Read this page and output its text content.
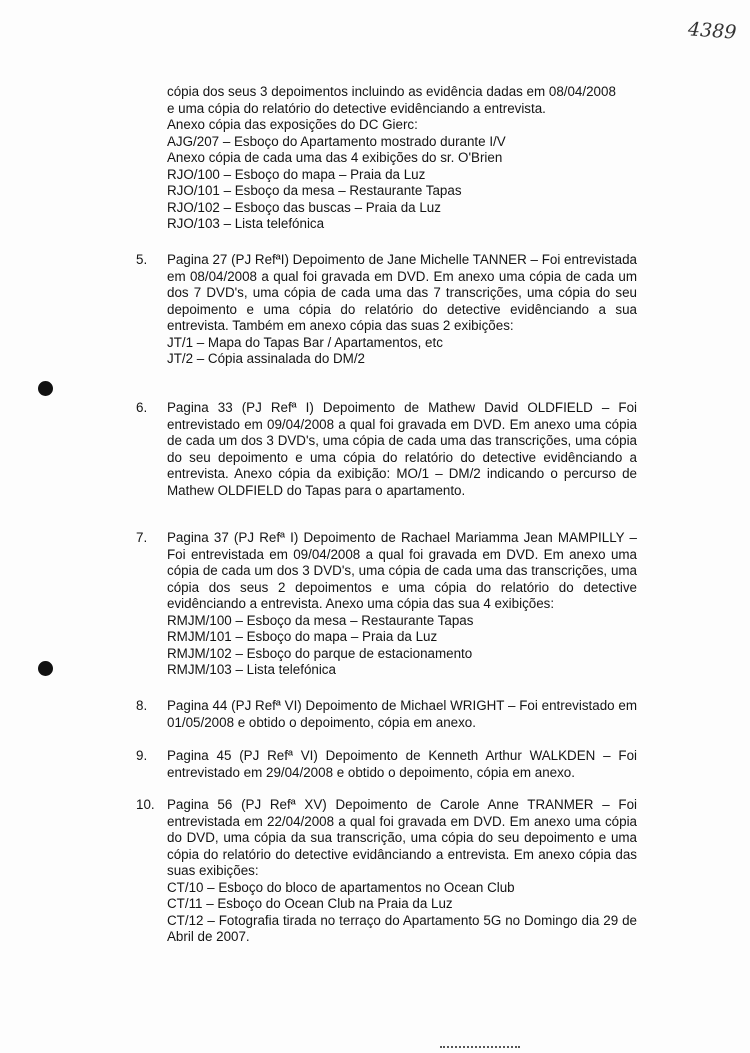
4389
cópia dos seus 3 depoimentos incluindo as evidência dadas em 08/04/2008
e uma cópia do relatório do detective evidênciando a entrevista.
Anexo cópia das exposições do DC Gierc:
AJG/207 – Esboço do Apartamento mostrado durante I/V
Anexo cópia de cada uma das 4 exibições do sr. O'Brien
RJO/100 – Esboço do mapa – Praia da Luz
RJO/101 – Esboço da mesa – Restaurante Tapas
RJO/102 – Esboço das buscas – Praia da Luz
RJO/103 – Lista telefónica
5. Pagina 27 (PJ RefªI) Depoimento de Jane Michelle TANNER – Foi entrevistada em 08/04/2008 a qual foi gravada em DVD. Em anexo uma cópia de cada um dos 7 DVD's, uma cópia de cada uma das 7 transcrições, uma cópia do seu depoimento e uma cópia do relatório do detective evidênciando a sua entrevista. Também em anexo cópia das suas 2 exibições:
JT/1 – Mapa do Tapas Bar / Apartamentos, etc
JT/2 – Cópia assinalada do DM/2
6. Pagina 33 (PJ Refª I) Depoimento de Mathew David OLDFIELD – Foi entrevistado em 09/04/2008 a qual foi gravada em DVD. Em anexo uma cópia de cada um dos 3 DVD's, uma cópia de cada uma das transcrições, uma cópia do seu depoimento e uma cópia do relatório do detective evidênciando a entrevista. Anexo cópia da exibição: MO/1 – DM/2 indicando o percurso de Mathew OLDFIELD do Tapas para o apartamento.
7. Pagina 37 (PJ Refª I) Depoimento de Rachael Mariamma Jean MAMPILLY – Foi entrevistada em 09/04/2008 a qual foi gravada em DVD. Em anexo uma cópia de cada um dos 3 DVD's, uma cópia de cada uma das transcrições, uma cópia dos seus 2 depoimentos e uma cópia do relatório do detective evidênciando a entrevista. Anexo uma cópia das sua 4 exibições:
RMJM/100 – Esboço da mesa – Restaurante Tapas
RMJM/101 – Esboço do mapa – Praia da Luz
RMJM/102 – Esboço do parque de estacionamento
RMJM/103 – Lista telefónica
8. Pagina 44 (PJ Refª VI) Depoimento de Michael WRIGHT – Foi entrevistado em 01/05/2008 e obtido o depoimento, cópia em anexo.
9. Pagina 45 (PJ Refª VI) Depoimento de Kenneth Arthur WALKDEN – Foi entrevistado em 29/04/2008 e obtido o depoimento, cópia em anexo.
10. Pagina 56 (PJ Refª XV) Depoimento de Carole Anne TRANMER – Foi entrevistada em 22/04/2008 a qual foi gravada em DVD. Em anexo uma cópia do DVD, uma cópia da sua transcrição, uma cópia do seu depoimento e uma cópia do relatório do detective evidânciando a entrevista. Em anexo cópia das suas exibições:
CT/10 – Esboço do bloco de apartamentos no Ocean Club
CT/11 – Esboço do Ocean Club na Praia da Luz
CT/12 – Fotografia tirada no terraço do Apartamento 5G no Domingo dia 29 de Abril de 2007.
